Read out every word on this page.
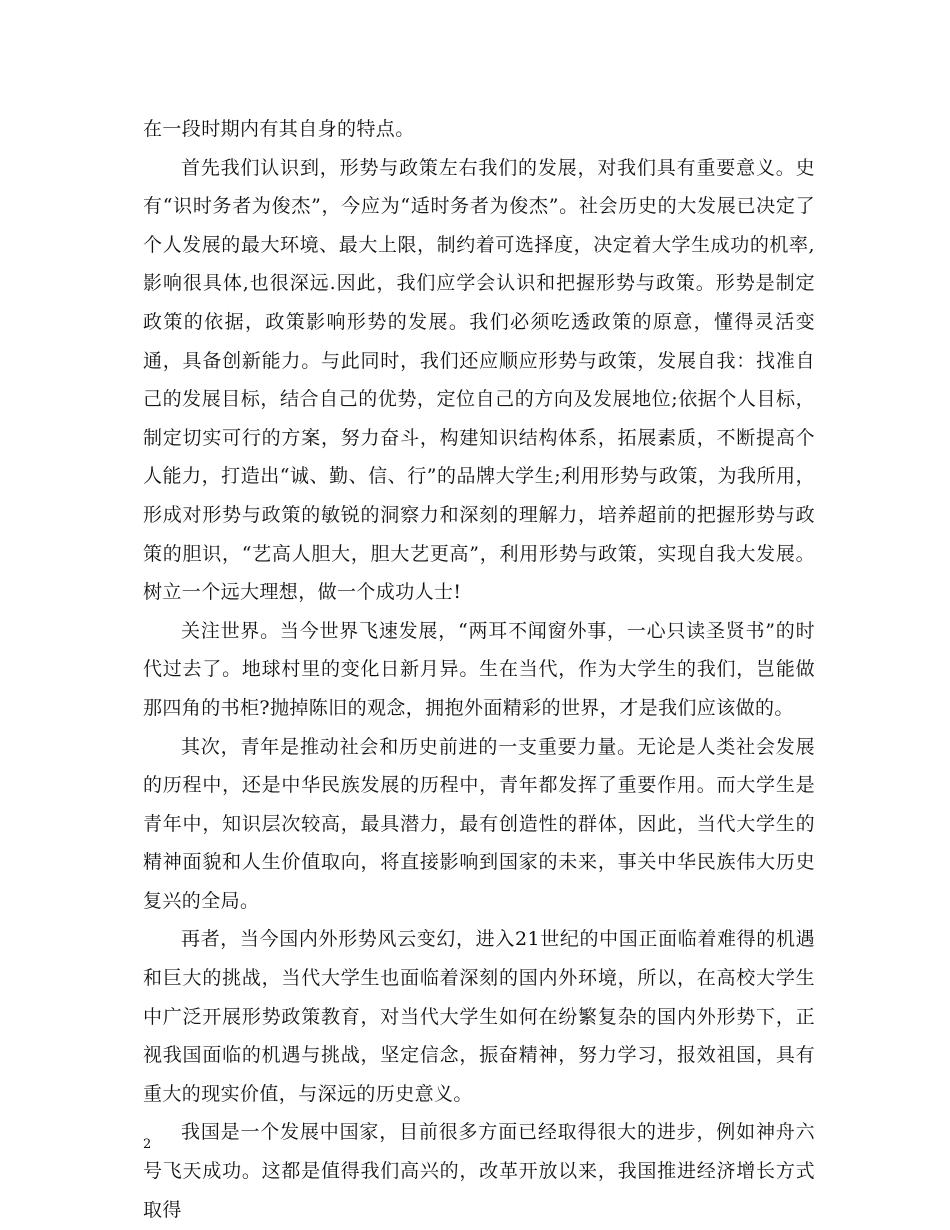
在一段时期内有其自身的特点。

首先我们认识到，形势与政策左右我们的发展，对我们具有重要意义。史有“识时务者为俊杰”，今应为“适时务者为俊杰”。社会历史的大发展已决定了个人发展的最大环境、最大上限，制约着可选择度，决定着大学生成功的机率,影响很具体,也很深远.因此，我们应学会认识和把握形势与政策。形势是制定政策的依据，政策影响形势的发展。我们必须吃透政策的原意，懂得灵活变通，具备创新能力。与此同时，我们还应顺应形势与政策，发展自我：找准自己的发展目标，结合自己的优势，定位自己的方向及发展地位;依据个人目标，制定切实可行的方案，努力奋斗，构建知识结构体系，拓展素质，不断提高个人能力，打造出“诚、勤、信、行”的品牌大学生;利用形势与政策，为我所用，形成对形势与政策的敏锐的洞察力和深刻的理解力，培养超前的把握形势与政策的胆识，“艺高人胆大，胆大艺更高”，利用形势与政策，实现自我大发展。树立一个远大理想，做一个成功人士!

关注世界。当今世界飞速发展，“两耳不闻窗外事，一心只读圣贤书”的时代过去了。地球村里的变化日新月异。生在当代，作为大学生的我们，岂能做那四角的书柜?抛掉陈旧的观念，拥抱外面精彩的世界，才是我们应该做的。

其次，青年是推动社会和历史前进的一支重要力量。无论是人类社会发展的历程中，还是中华民族发展的历程中，青年都发挥了重要作用。而大学生是青年中，知识层次较高，最具潜力，最有创造性的群体，因此，当代大学生的精神面貌和人生价值取向，将直接影响到国家的未来，事关中华民族伟大历史复兴的全局。

再者，当今国内外形势风云变幻，进入21世纪的中国正面临着难得的机遇和巨大的挑战，当代大学生也面临着深刻的国内外环境，所以，在高校大学生中广泛开展形势政策教育，对当代大学生如何在纷繁复杂的国内外形势下，正视我国面临的机遇与挑战，坚定信念，振奋精神，努力学习，报效祖国，具有重大的现实价值，与深远的历史意义。

我国是一个发展中国家，目前很多方面已经取得很大的进步，例如神舟六号飞天成功。这都是值得我们高兴的，改革开放以来，我国推进经济增长方式取得

2
